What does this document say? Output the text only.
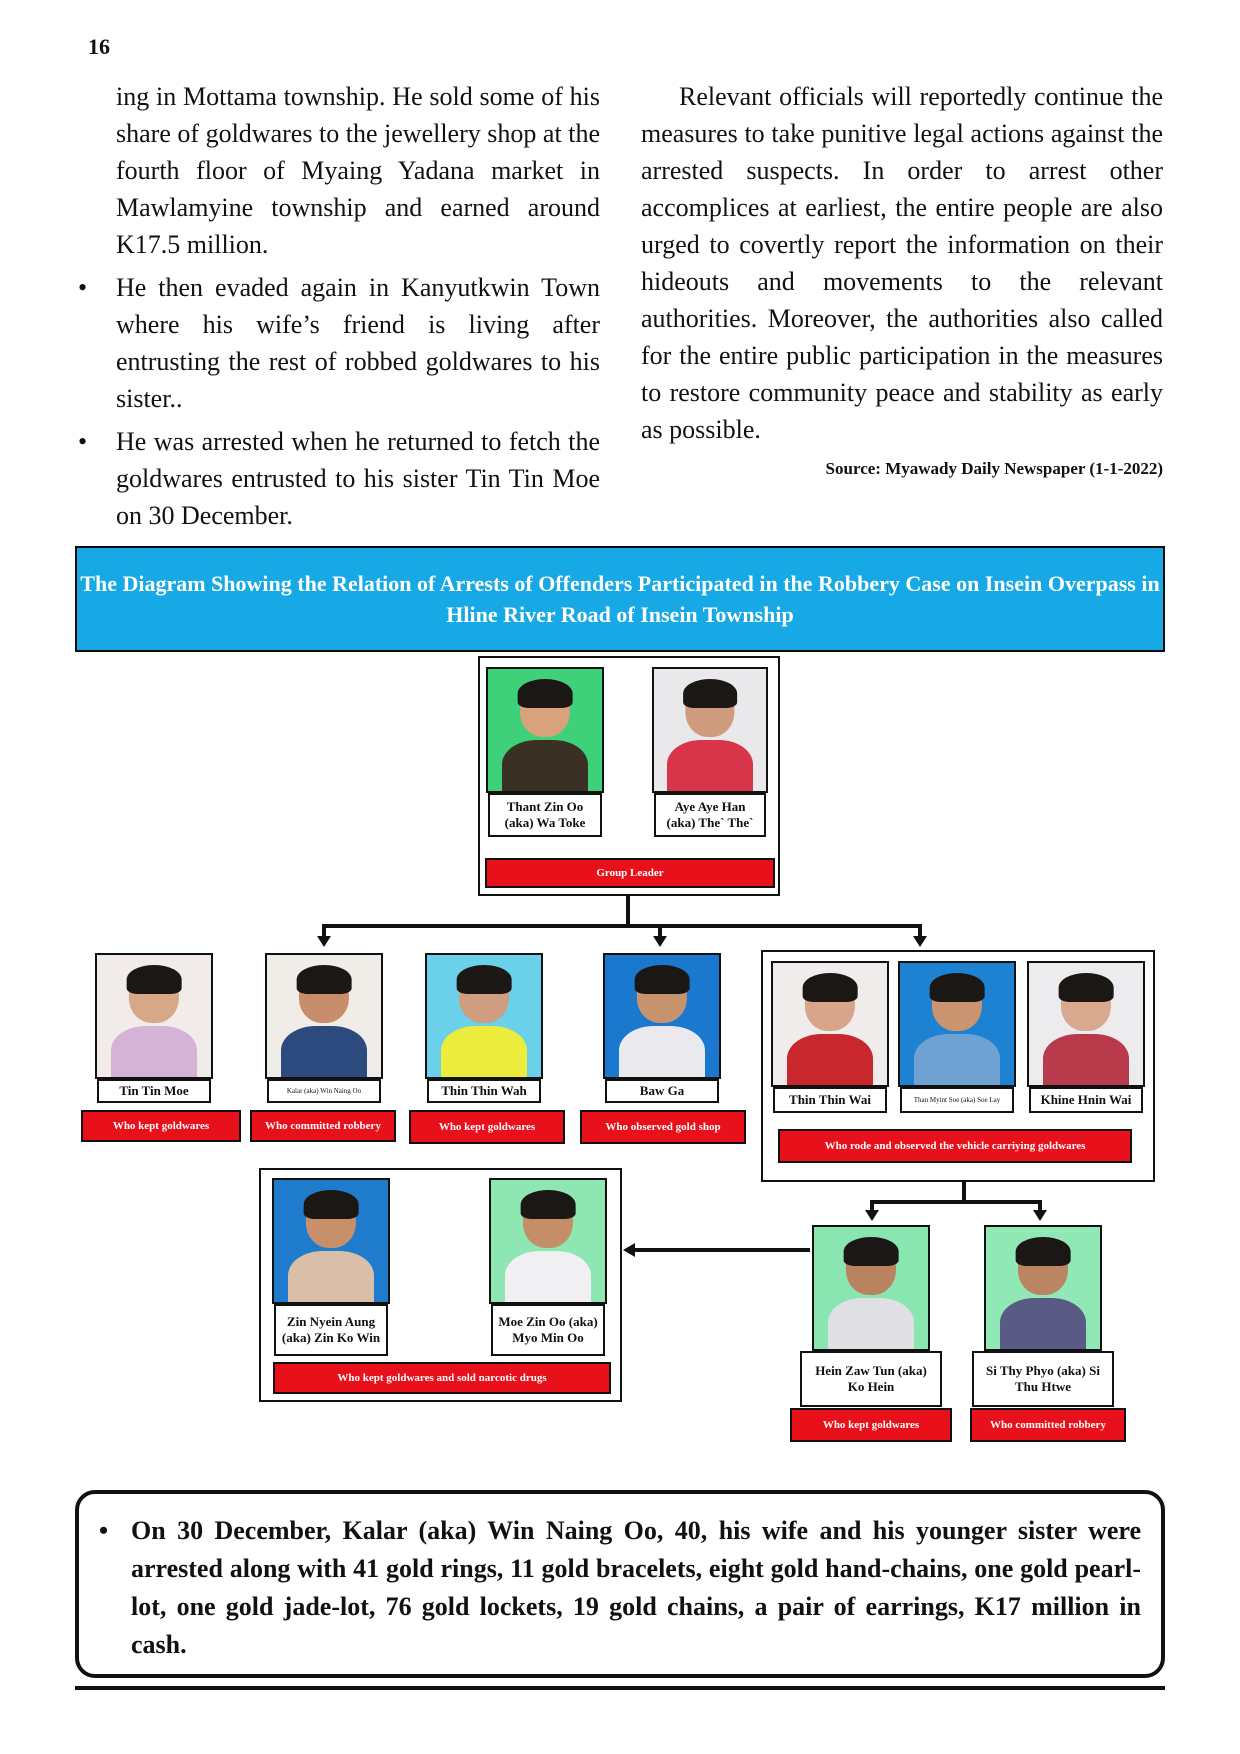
16

ing in Mottama township. He sold some of his share of goldwares to the jewellery shop at the fourth floor of Myaing Yadana market in Mawlamyine township and earned around K17.5 million.

• He then evaded again in Kanyutkwin Town where his wife’s friend is living after entrusting the rest of robbed goldwares to his sister..
• He was arrested when he returned to fetch the goldwares entrusted to his sister Tin Tin Moe on 30 December.

Relevant officials will reportedly continue the measures to take punitive legal actions against the arrested suspects. In order to arrest other accomplices at earliest, the entire people are also urged to covertly report the information on their hideouts and movements to the relevant authorities. Moreover, the authorities also called for the entire public participation in the measures to restore community peace and stability as early as possible.

Source: Myawady Daily Newspaper (1-1-2022)
The Diagram Showing the Relation of Arrests of Offenders Participated in the Robbery Case on Insein Overpass in Hline River Road of Insein Township
Thant Zin Oo (aka) Wa Toke
Aye Aye Han (aka) The` The`
Group Leader
Tin Tin Moe
Who kept goldwares
Kalar (aka) Win Naing Oo
Who committed robbery
Thin Thin Wah
Who kept goldwares
Baw Ga
Who observed gold shop
Thin Thin Wai	Than Myint Soe (aka) Soe Lay	Khine Hnin Wai
Who rode and observed the vehicle carriying goldwares
Zin Nyein Aung (aka) Zin Ko Win
Moe Zin Oo (aka) Myo Min Oo
Who kept goldwares and sold narcotic drugs	Hein Zaw Tun (aka) Ko Hein
Who kept goldwares
Si Thy Phyo (aka) Si Thu Htwe
Who committed robbery
• On 30 December, Kalar (aka) Win Naing Oo, 40, his wife and his younger sister were arrested along with 41 gold rings, 11 gold bracelets, eight gold hand-chains, one gold pearl-lot, one gold jade-lot, 76 gold lockets, 19 gold chains, a pair of earrings, K17 million in cash.
